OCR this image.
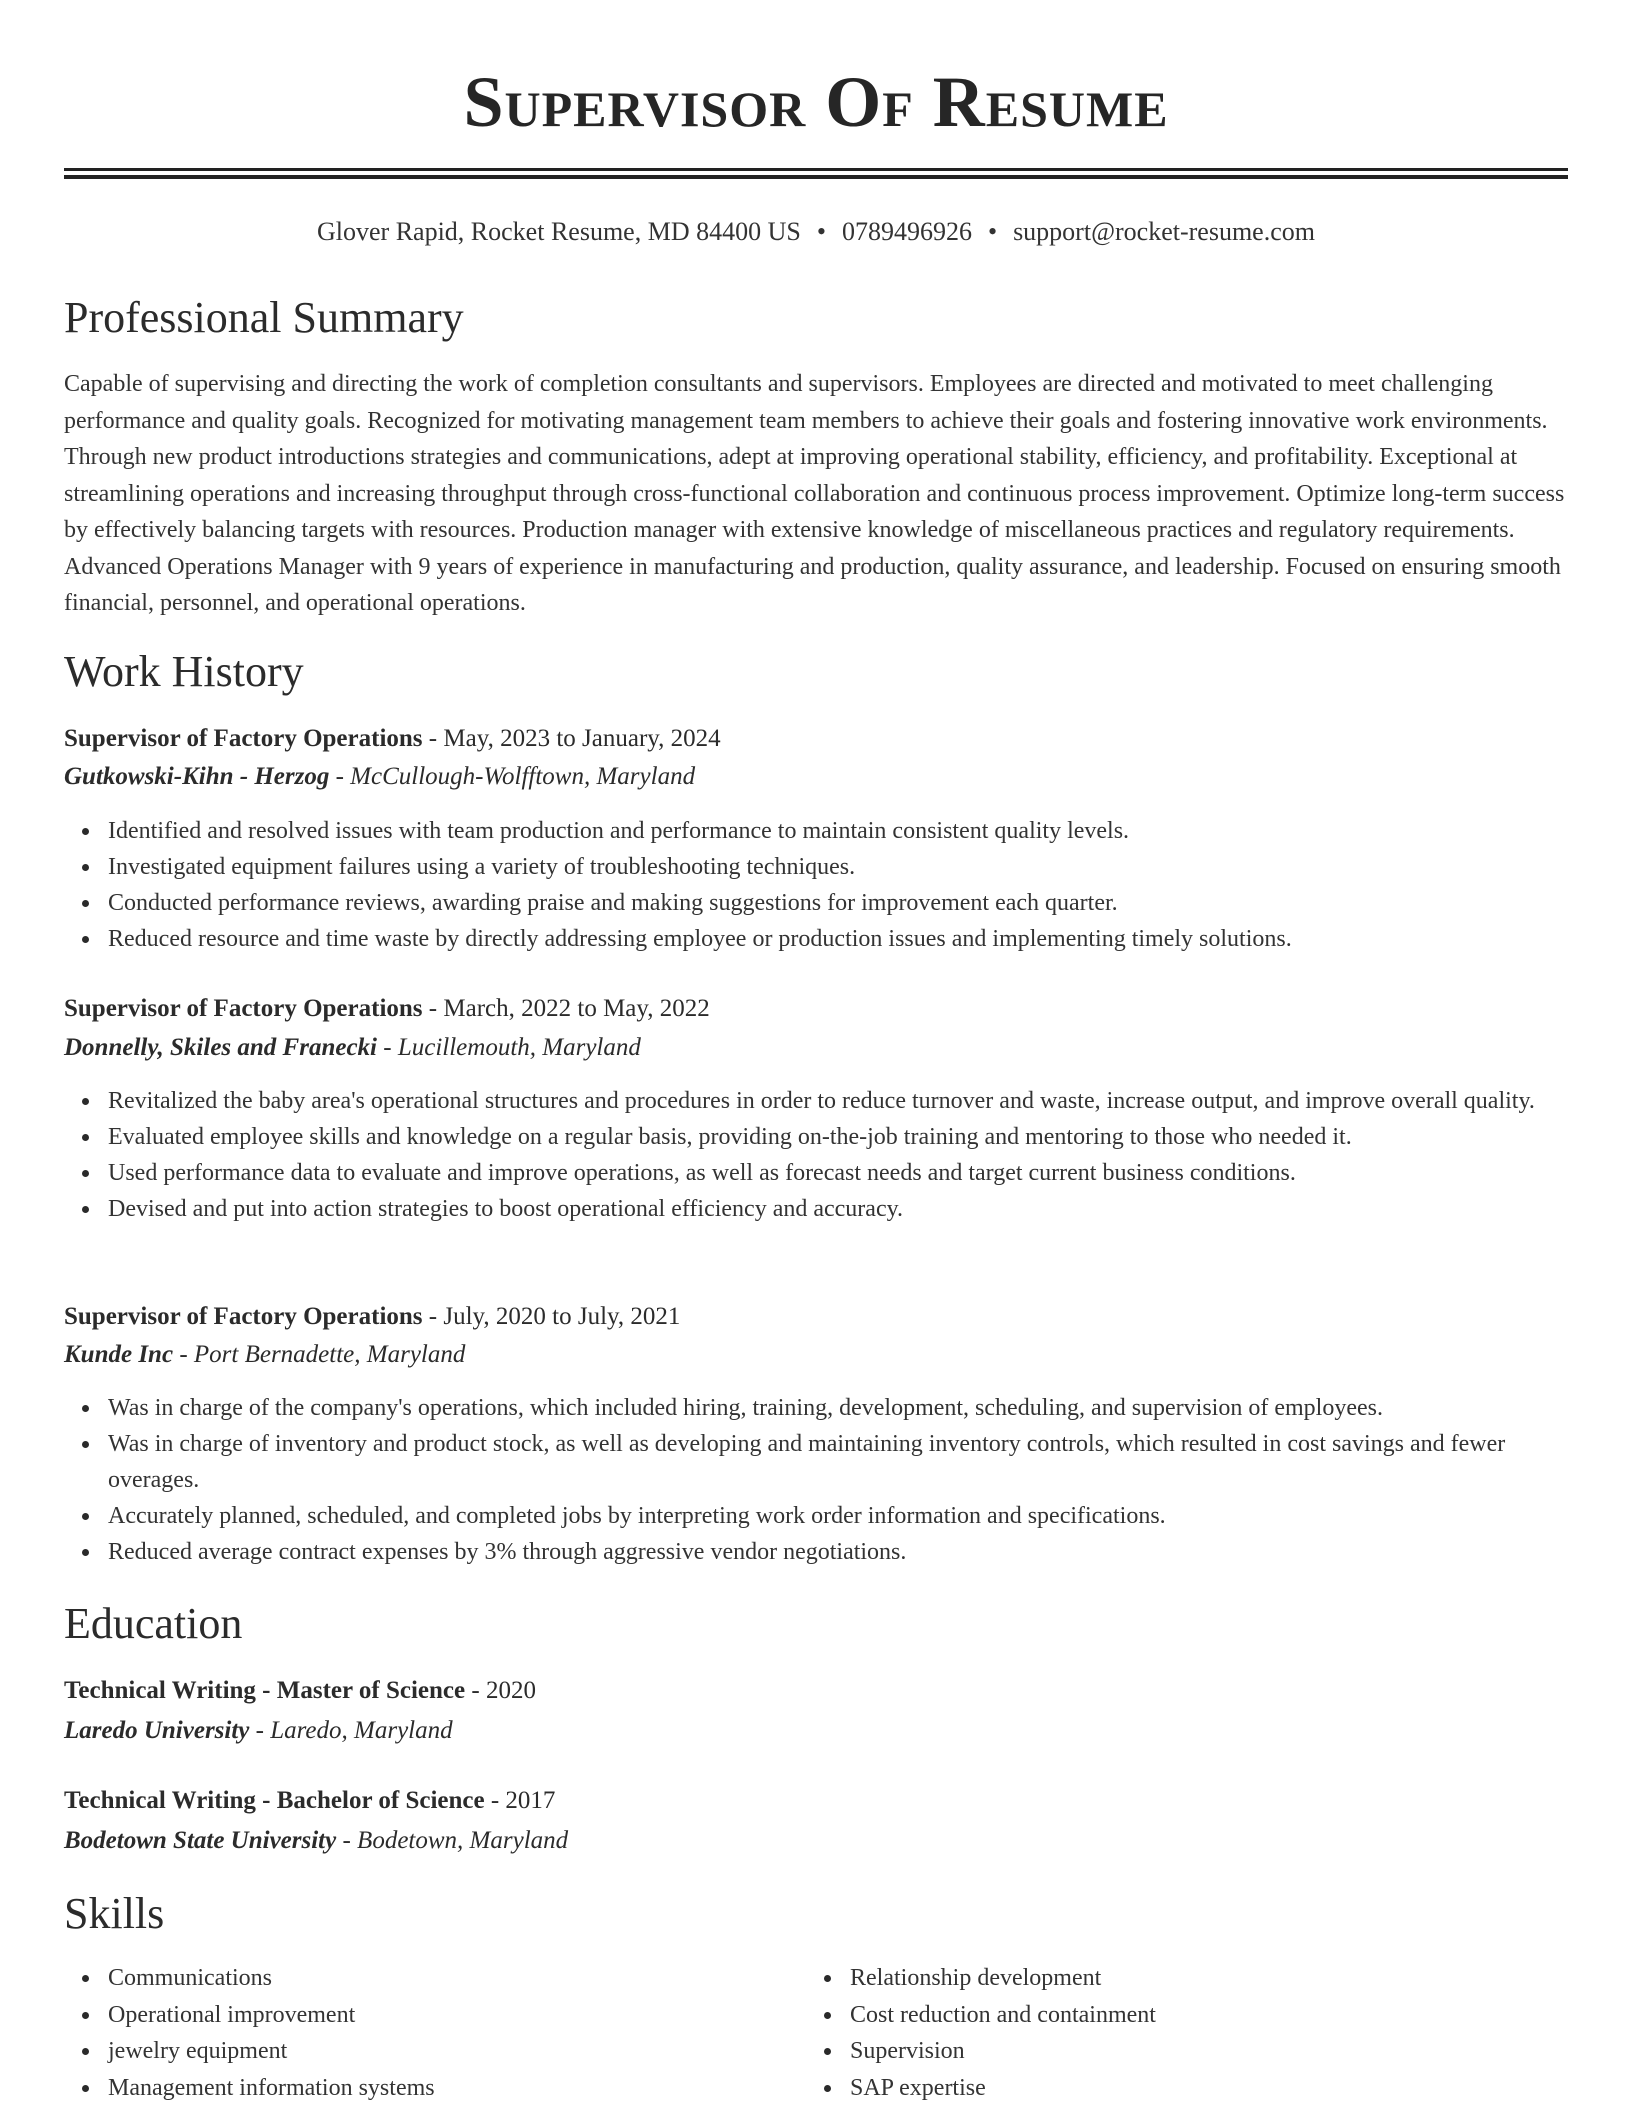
Supervisor Of Resume
Glover Rapid, Rocket Resume, MD 84400 US • 0789496926 • support@rocket-resume.com
Professional Summary

Capable of supervising and directing the work of completion consultants and supervisors. Employees are directed and motivated to meet challenging performance and quality goals. Recognized for motivating management team members to achieve their goals and fostering innovative work environments. Through new product introductions strategies and communications, adept at improving operational stability, efficiency, and profitability. Exceptional at streamlining operations and increasing throughput through cross-functional collaboration and continuous process improvement. Optimize long-term success by effectively balancing targets with resources. Production manager with extensive knowledge of miscellaneous practices and regulatory requirements. Advanced Operations Manager with 9 years of experience in manufacturing and production, quality assurance, and leadership. Focused on ensuring smooth financial, personnel, and operational operations.

Work History
Supervisor of Factory Operations - May, 2023 to January, 2024
Gutkowski-Kihn - Herzog - McCullough-Wolfftown, Maryland
Identified and resolved issues with team production and performance to maintain consistent quality levels.
Investigated equipment failures using a variety of troubleshooting techniques.
Conducted performance reviews, awarding praise and making suggestions for improvement each quarter.
Reduced resource and time waste by directly addressing employee or production issues and implementing timely solutions.
Supervisor of Factory Operations - March, 2022 to May, 2022
Donnelly, Skiles and Franecki - Lucillemouth, Maryland
Revitalized the baby area's operational structures and procedures in order to reduce turnover and waste, increase output, and improve overall quality.
Evaluated employee skills and knowledge on a regular basis, providing on-the-job training and mentoring to those who needed it.
Used performance data to evaluate and improve operations, as well as forecast needs and target current business conditions.
Devised and put into action strategies to boost operational efficiency and accuracy.
Supervisor of Factory Operations - July, 2020 to July, 2021
Kunde Inc - Port Bernadette, Maryland
Was in charge of the company's operations, which included hiring, training, development, scheduling, and supervision of employees.
Was in charge of inventory and product stock, as well as developing and maintaining inventory controls, which resulted in cost savings and fewer overages.
Accurately planned, scheduled, and completed jobs by interpreting work order information and specifications.
Reduced average contract expenses by 3% through aggressive vendor negotiations.
Education
Technical Writing - Master of Science - 2020
Laredo University - Laredo, Maryland
Technical Writing - Bachelor of Science - 2017
Bodetown State University - Bodetown, Maryland
Skills
Communications
Operational improvement
jewelry equipment
Management information systems
Relationship development
Cost reduction and containment
Supervision
SAP expertise
